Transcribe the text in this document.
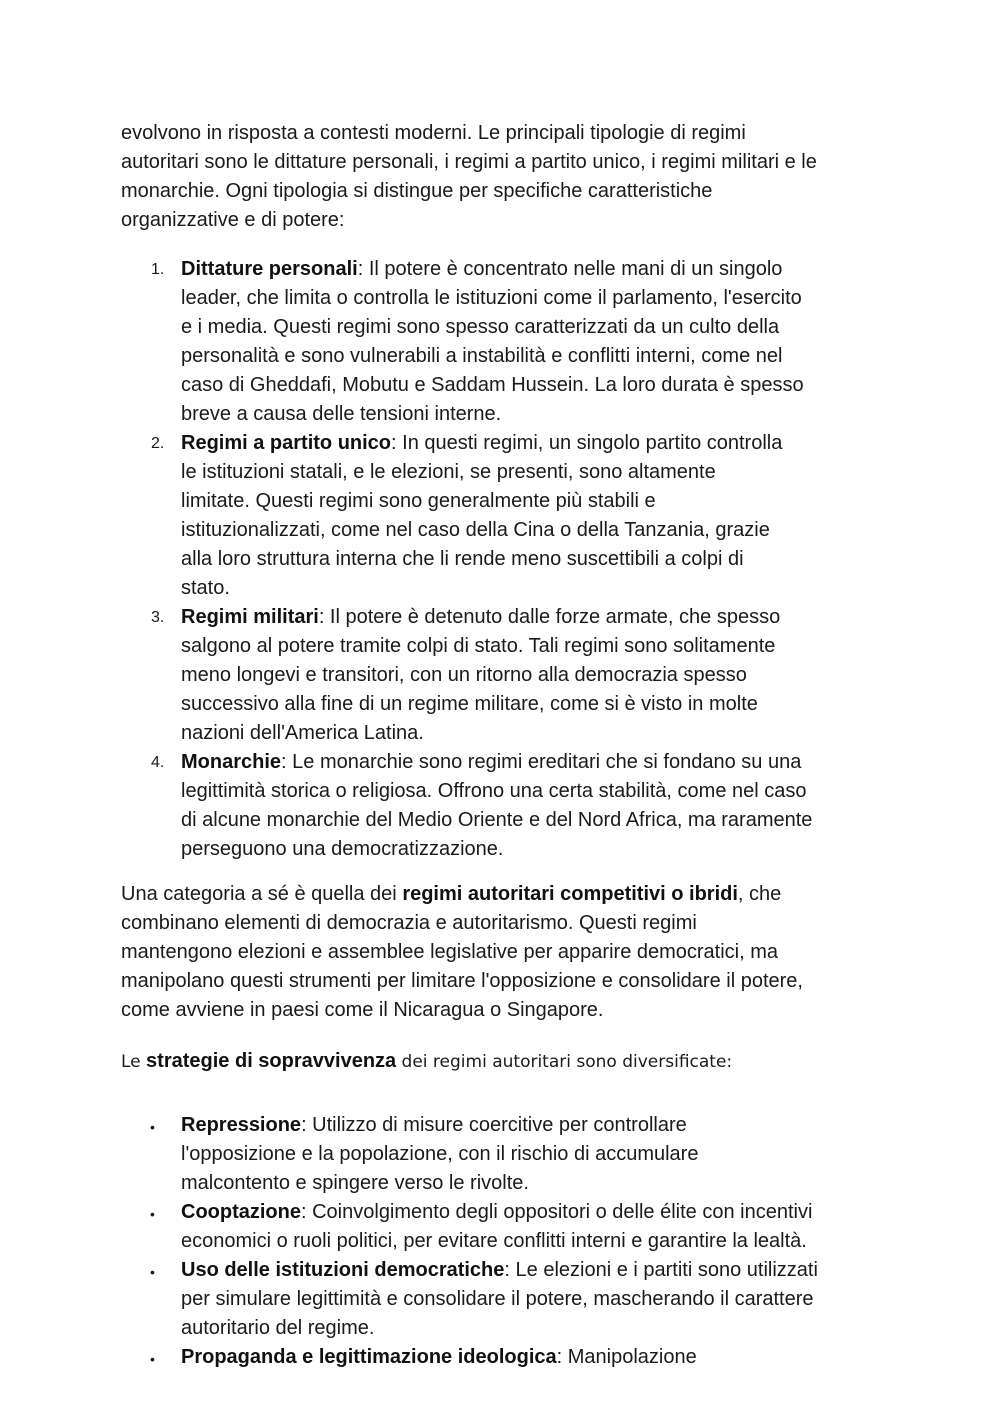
evolvono in risposta a contesti moderni. Le principali tipologie di regimi
autoritari sono le dittature personali, i regimi a partito unico, i regimi militari e le
monarchie. Ogni tipologia si distingue per specifiche caratteristiche
organizzative e di potere:

1. Dittature personali: Il potere è concentrato nelle mani di un singolo
leader, che limita o controlla le istituzioni come il parlamento, l'esercito
e i media. Questi regimi sono spesso caratterizzati da un culto della
personalità e sono vulnerabili a instabilità e conflitti interni, come nel
caso di Gheddafi, Mobutu e Saddam Hussein. La loro durata è spesso
breve a causa delle tensioni interne.
2. Regimi a partito unico: In questi regimi, un singolo partito controlla
le istituzioni statali, e le elezioni, se presenti, sono altamente
limitate. Questi regimi sono generalmente più stabili e
istituzionalizzati, come nel caso della Cina o della Tanzania, grazie
alla loro struttura interna che li rende meno suscettibili a colpi di
stato.
3. Regimi militari: Il potere è detenuto dalle forze armate, che spesso
salgono al potere tramite colpi di stato. Tali regimi sono solitamente
meno longevi e transitori, con un ritorno alla democrazia spesso
successivo alla fine di un regime militare, come si è visto in molte
nazioni dell'America Latina.
4. Monarchie: Le monarchie sono regimi ereditari che si fondano su una
legittimità storica o religiosa. Offrono una certa stabilità, come nel caso
di alcune monarchie del Medio Oriente e del Nord Africa, ma raramente
perseguono una democratizzazione.

Una categoria a sé è quella dei regimi autoritari competitivi o ibridi, che
combinano elementi di democrazia e autoritarismo. Questi regimi
mantengono elezioni e assemblee legislative per apparire democratici, ma
manipolano questi strumenti per limitare l'opposizione e consolidare il potere,
come avviene in paesi come il Nicaragua o Singapore.

Le strategie di sopravvivenza dei regimi autoritari sono diversificate:

• Repressione: Utilizzo di misure coercitive per controllare
l'opposizione e la popolazione, con il rischio di accumulare
malcontento e spingere verso le rivolte.
• Cooptazione: Coinvolgimento degli oppositori o delle élite con incentivi
economici o ruoli politici, per evitare conflitti interni e garantire la lealtà.
• Uso delle istituzioni democratiche: Le elezioni e i partiti sono utilizzati
per simulare legittimità e consolidare il potere, mascherando il carattere
autoritario del regime.
• Propaganda e legittimazione ideologica: Manipolazione
